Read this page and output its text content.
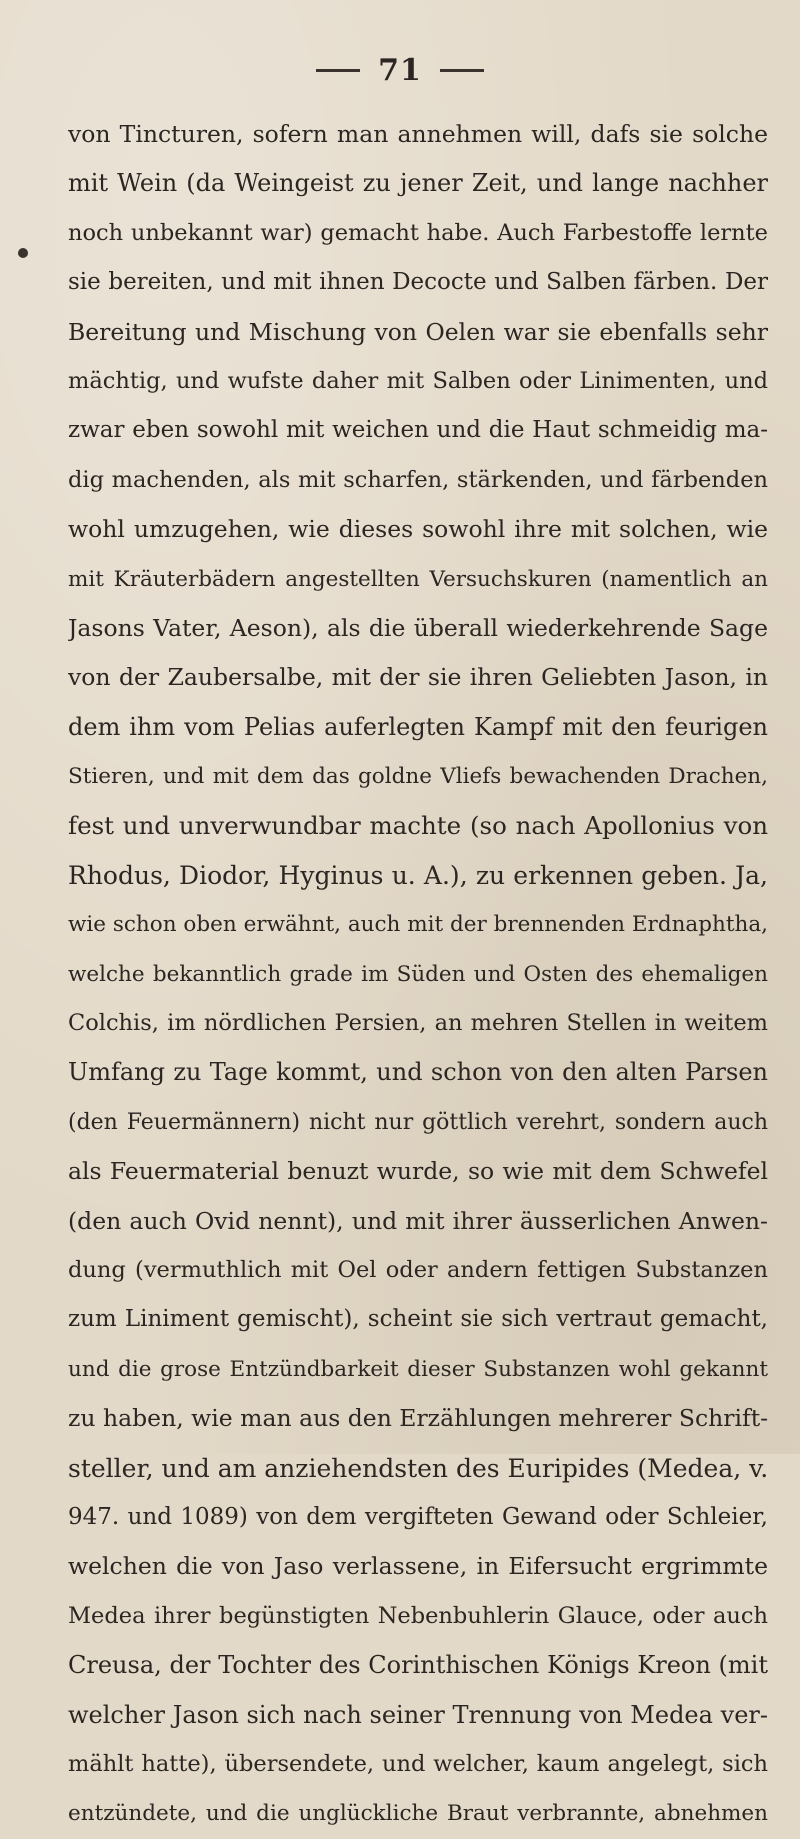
71
von Tincturen, sofern man annehmen will, dafs sie solche
mit Wein (da Weingeist zu jener Zeit, und lange nachher
noch unbekannt war) gemacht habe. Auch Farbestoffe lernte
sie bereiten, und mit ihnen Decocte und Salben färben. Der
Bereitung und Mischung von Oelen war sie ebenfalls sehr
mächtig, und wufste daher mit Salben oder Linimenten, und
zwar eben sowohl mit weichen und die Haut schmeidig ma-
dig machenden, als mit scharfen, stärkenden, und färbenden
wohl umzugehen, wie dieses sowohl ihre mit solchen, wie
mit Kräuterbädern angestellten Versuchskuren (namentlich an
Jasons Vater, Aeson), als die überall wiederkehrende Sage
von der Zaubersalbe, mit der sie ihren Geliebten Jason, in
dem ihm vom Pelias auferlegten Kampf mit den feurigen
Stieren, und mit dem das goldne Vliefs bewachenden Drachen,
fest und unverwundbar machte (so nach Apollonius von
Rhodus, Diodor, Hyginus u. A.), zu erkennen geben. Ja,
wie schon oben erwähnt, auch mit der brennenden Erdnaphtha,
welche bekanntlich grade im Süden und Osten des ehemaligen
Colchis, im nördlichen Persien, an mehren Stellen in weitem
Umfang zu Tage kommt, und schon von den alten Parsen
(den Feuermännern) nicht nur göttlich verehrt, sondern auch
als Feuermaterial benuzt wurde, so wie mit dem Schwefel
(den auch Ovid nennt), und mit ihrer äusserlichen Anwen-
dung (vermuthlich mit Oel oder andern fettigen Substanzen
zum Liniment gemischt), scheint sie sich vertraut gemacht,
und die grose Entzündbarkeit dieser Substanzen wohl gekannt
zu haben, wie man aus den Erzählungen mehrerer Schrift-
steller, und am anziehendsten des Euripides (Medea, v.
947. und 1089) von dem vergifteten Gewand oder Schleier,
welchen die von Jaso verlassene, in Eifersucht ergrimmte
Medea ihrer begünstigten Nebenbuhlerin Glauce, oder auch
Creusa, der Tochter des Corinthischen Königs Kreon (mit
welcher Jason sich nach seiner Trennung von Medea ver-
mählt hatte), übersendete, und welcher, kaum angelegt, sich
entzündete, und die unglückliche Braut verbrannte, abnehmen
